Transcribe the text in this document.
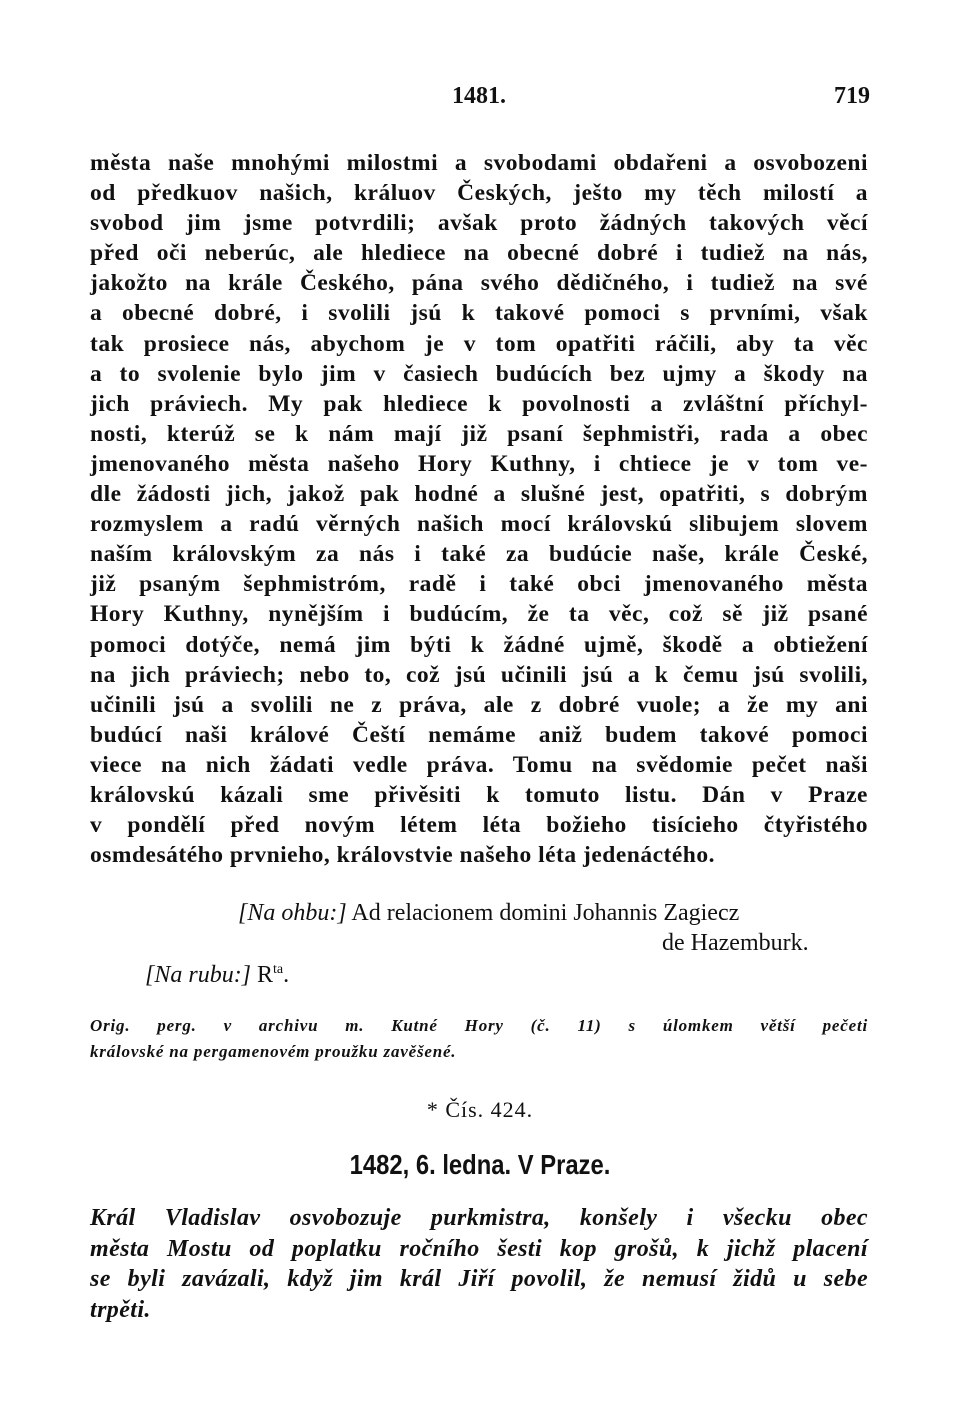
1481.	719
města naše mnohými milostmi a svobodami obdařeni a osvobozeni
od předkuov našich, králuov Českých, ješto my těch milostí a
svobod jim jsme potvrdili; avšak proto žádných takových věcí
před oči neberúc, ale hlediece na obecné dobré i tudiež na nás,
jakožto na krále Českého, pána svého dědičného, i tudiež na své
a obecné dobré, i svolili jsú k takové pomoci s prvními, však
tak prosiece nás, abychom je v tom opatřiti ráčili, aby ta věc
a to svolenie bylo jim v časiech budúcích bez ujmy a škody na
jich práviech. My pak hlediece k povolnosti a zvláštní příchyl-
nosti, kterúž se k nám mají již psaní šephmistři, rada a obec
jmenovaného města našeho Hory Kuthny, i chtiece je v tom ve-
dle žádosti jich, jakož pak hodné a slušné jest, opatřiti, s dobrým
rozmyslem a radú věrných našich mocí královskú slibujem slovem
naším královským za nás i také za budúcie naše, krále České,
již psaným šephmistróm, radě i také obci jmenovaného města
Hory Kuthny, nynějším i budúcím, že ta věc, což sě již psané
pomoci dotýče, nemá jim býti k žádné ujmě, škodě a obtiežení
na jich práviech; nebo to, což jsú učinili jsú a k čemu jsú svolili,
učinili jsú a svolili ne z práva, ale z dobré vuole; a že my ani
budúcí naši králové Čeští nemáme aniž budem takové pomoci
viece na nich žádati vedle práva. Tomu na svědomie pečet naši
královskú kázali sme přivěsiti k tomuto listu. Dán v Praze
v pondělí před novým létem léta božieho tisícieho čtyřistého
osmdesátého prvnieho, královstvie našeho léta jedenáctého.
[Na ohbu:] Ad relacionem domini Johannis Zagiecz
de Hazemburk.
[Na rubu:] $R^{ta}$.
Orig. perg. v archivu m. Kutné Hory (č. 11) s úlomkem větší pečeti
královské na pergamenovém proužku zavěšené.
* Čís. 424.
1482, 6. ledna. V Praze.
Král Vladislav osvobozuje purkmistra, konšely i všecku obec
města Mostu od poplatku ročního šesti kop grošů, k jichž placení
se byli zavázali, když jim král Jiří povolil, že nemusí židů u sebe
trpěti.
